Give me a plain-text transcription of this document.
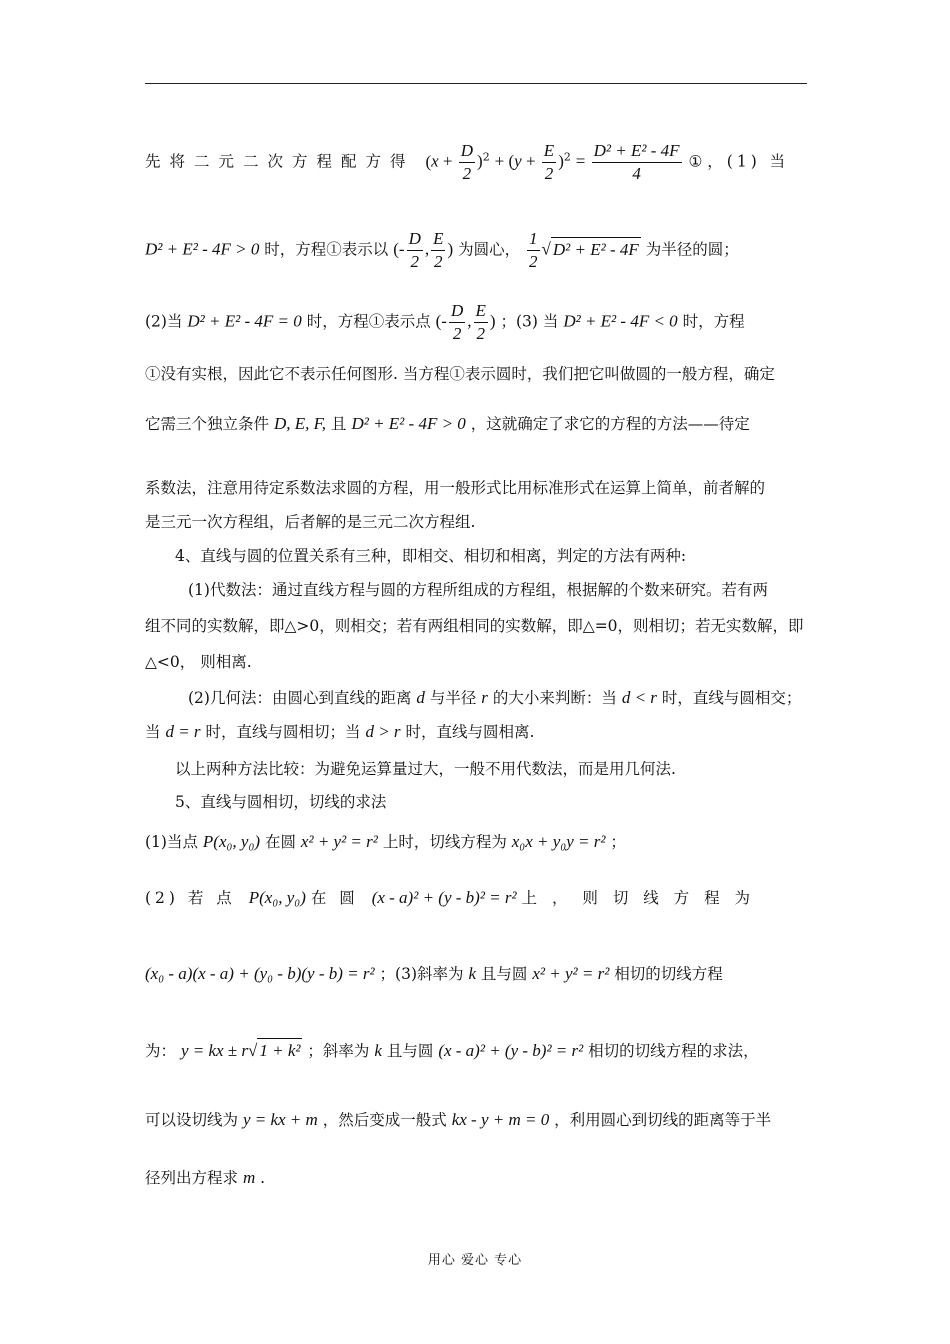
先将二元二次方程配方得 $(x + \frac{D}{2} )^2 + (y + \frac{E}{2} )^2 = \frac{\text{D² + E² - 4F}}{4}$ ① ，(1) 当
D² + E² - 4F > 0 时，方程①表示以 (- $\frac{D}{2}$ , $\frac{E}{2}$ ) 为圆心， $\frac{1}{2}$ √ D² + E² - 4F 为半径的圆；
(2)当 D² + E² - 4F = 0 时，方程①表示点 (- $\frac{D}{2}$ , $\frac{E}{2}$ ) ；(3) 当 D² + E² - 4F < 0 时，方程
①没有实根，因此它不表示任何图形. 当方程①表示圆时，我们把它叫做圆的一般方程，确定
它需三个独立条件 D, E, F, 且 D² + E² - 4F > 0 ，这就确定了求它的方程的方法——待定
系数法，注意用待定系数法求圆的方程，用一般形式比用标准形式在运算上简单，前者解的
是三元一次方程组，后者解的是三元二次方程组.
4、直线与圆的位置关系有三种，即相交、相切和相离，判定的方法有两种:
(1)代数法：通过直线方程与圆的方程所组成的方程组，根据解的个数来研究。若有两
组不同的实数解，即△>0，则相交；若有两组相同的实数解，即△=0，则相切；若无实数解，即
△<0， 则相离.
(2)几何法：由圆心到直线的距离 d 与半径 r 的大小来判断：当 d < r 时，直线与圆相交；
当 d = r 时，直线与圆相切；当 d > r 时，直线与圆相离.
以上两种方法比较：为避免运算量过大，一般不用代数法，而是用几何法.
5、直线与圆相切，切线的求法
(1)当点 P(x₀, y₀) 在圆 x² + y² = r² 上时，切线方程为 x₀x + y₀y = r² ；
(2) 若 点 P(x₀, y₀) 在 圆 (x - a)² + (y - b)² = r² 上 ， 则 切 线 方 程 为
(x₀ - a)(x - a) + (y₀ - b)(y - b) = r² ；(3)斜率为 k 且与圆 x² + y² = r² 相切的切线方程
为： y = kx ± r√ 1 + k² ；斜率为 k 且与圆 (x - a)² + (y - b)² = r² 相切的切线方程的求法，
可以设切线为 y = kx + m ，然后变成一般式 kx - y + m = 0 ，利用圆心到切线的距离等于半
径列出方程求 m .
用心 爱心 专心
